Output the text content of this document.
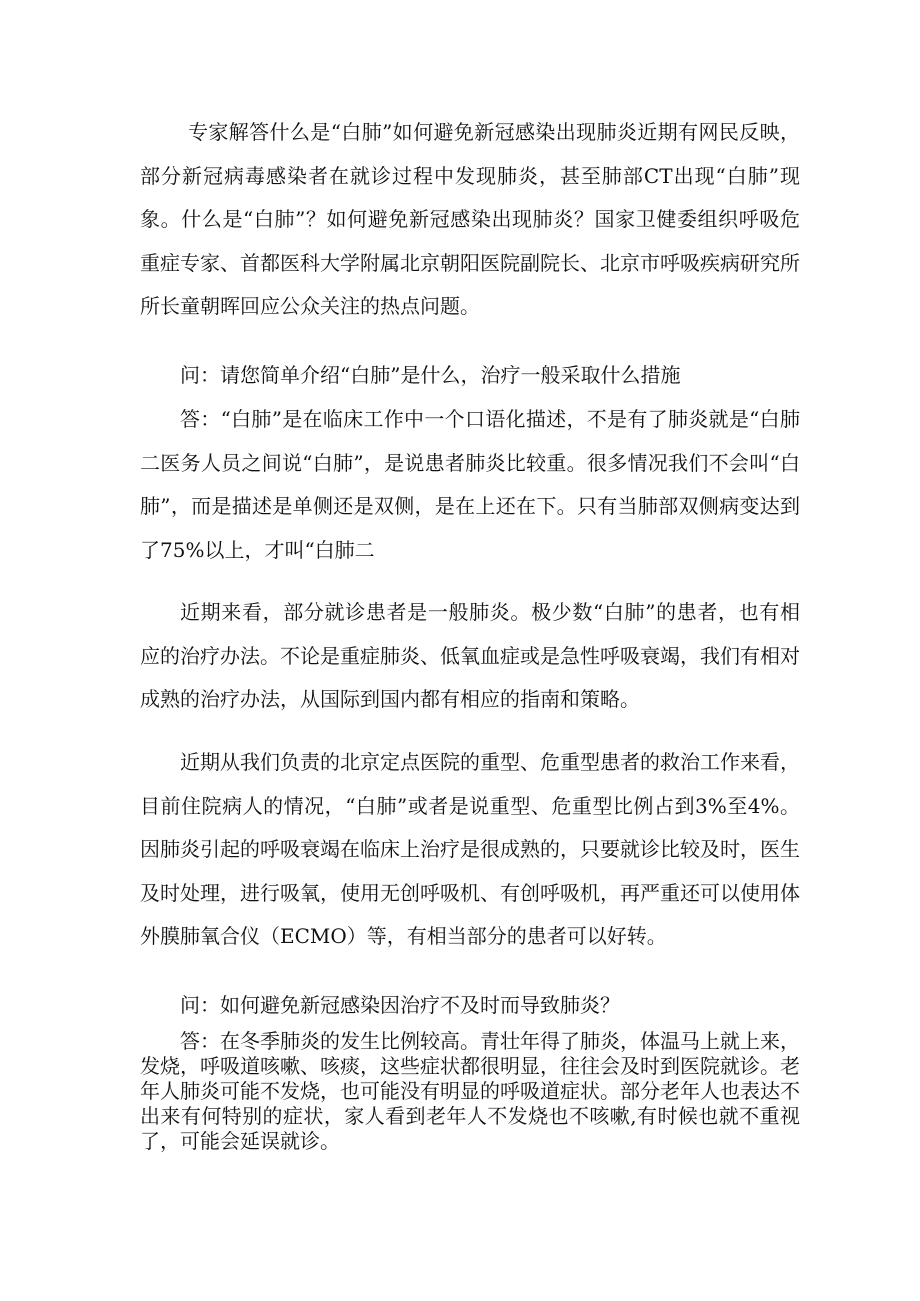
专家解答什么是“白肺”如何避免新冠感染出现肺炎近期有网民反映，部分新冠病毒感染者在就诊过程中发现肺炎，甚至肺部CT出现“白肺”现象。什么是“白肺”？如何避免新冠感染出现肺炎？国家卫健委组织呼吸危重症专家、首都医科大学附属北京朝阳医院副院长、北京市呼吸疾病研究所所长童朝晖回应公众关注的热点问题。

问：请您简单介绍“白肺”是什么，治疗一般采取什么措施

答：“白肺”是在临床工作中一个口语化描述，不是有了肺炎就是“白肺二医务人员之间说“白肺”，是说患者肺炎比较重。很多情况我们不会叫“白肺”，而是描述是单侧还是双侧，是在上还在下。只有当肺部双侧病变达到了75%以上，才叫“白肺二

近期来看，部分就诊患者是一般肺炎。极少数“白肺”的患者，也有相应的治疗办法。不论是重症肺炎、低氧血症或是急性呼吸衰竭，我们有相对成熟的治疗办法，从国际到国内都有相应的指南和策略。

近期从我们负责的北京定点医院的重型、危重型患者的救治工作来看，目前住院病人的情况，“白肺”或者是说重型、危重型比例占到3%至4%。因肺炎引起的呼吸衰竭在临床上治疗是很成熟的，只要就诊比较及时，医生及时处理，进行吸氧，使用无创呼吸机、有创呼吸机，再严重还可以使用体外膜肺氧合仪（ECMO）等，有相当部分的患者可以好转。

问：如何避免新冠感染因治疗不及时而导致肺炎？

答：在冬季肺炎的发生比例较高。青壮年得了肺炎，体温马上就上来，发烧，呼吸道咳嗽、咳痰，这些症状都很明显，往往会及时到医院就诊。老年人肺炎可能不发烧，也可能没有明显的呼吸道症状。部分老年人也表达不出来有何特别的症状，家人看到老年人不发烧也不咳嗽,有时候也就不重视了，可能会延误就诊。
